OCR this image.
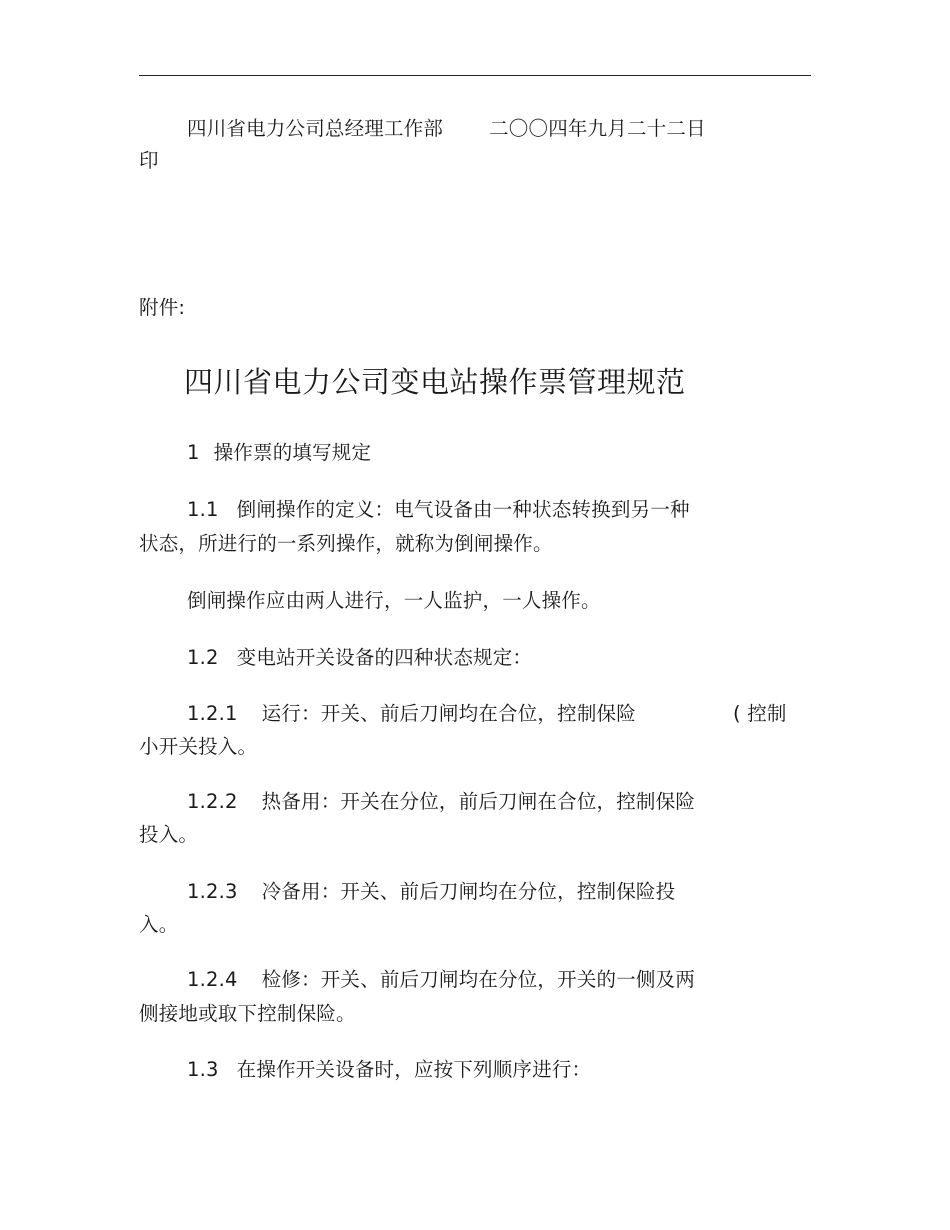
四川省电力公司总经理工作部 二〇〇四年九月二十二日
印
附件:
四川省电力公司变电站操作票管理规范
1 操作票的填写规定
1.1 倒闸操作的定义：电气设备由一种状态转换到另一种
状态，所进行的一系列操作，就称为倒闸操作。
倒闸操作应由两人进行，一人监护，一人操作。
1.2 变电站开关设备的四种状态规定：
1.2.1 运行：开关、前后刀闸均在合位，控制保险	( 控制
小开关投入。
1.2.2 热备用：开关在分位，前后刀闸在合位，控制保险
投入。
1.2.3 冷备用：开关、前后刀闸均在分位，控制保险投
入。
1.2.4 检修：开关、前后刀闸均在分位，开关的一侧及两
侧接地或取下控制保险。
1.3 在操作开关设备时，应按下列顺序进行：
